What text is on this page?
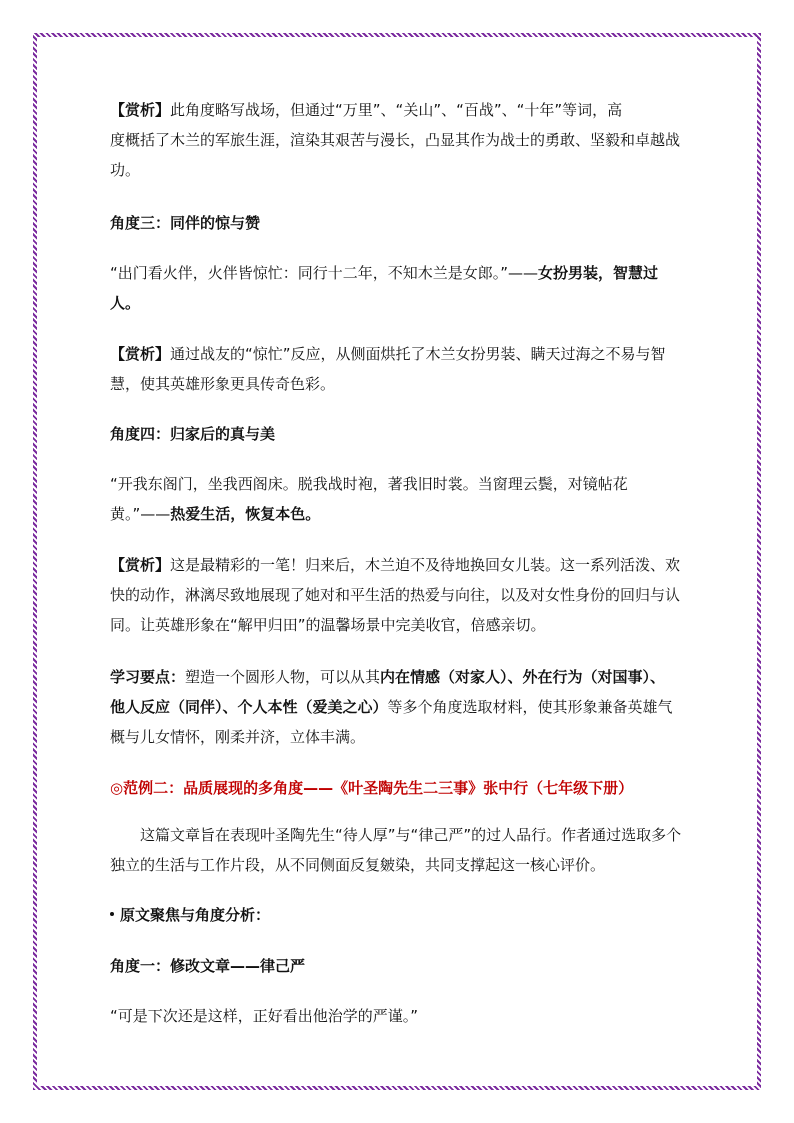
【赏析】此角度略写战场，但通过“万里”、“关山”、“百战”、“十年”等词，高
度概括了木兰的军旅生涯，渲染其艰苦与漫长，凸显其作为战士的勇敢、坚毅和卓越战
功。
角度三：同伴的惊与赞
“出门看火伴，火伴皆惊忙：同行十二年，不知木兰是女郎。”——女扮男装，智慧过
人。
【赏析】通过战友的“惊忙”反应，从侧面烘托了木兰女扮男装、瞒天过海之不易与智
慧，使其英雄形象更具传奇色彩。
角度四：归家后的真与美
“开我东阁门，坐我西阁床。脱我战时袍，著我旧时裳。当窗理云鬓，对镜帖花
黄。”——热爱生活，恢复本色。
【赏析】这是最精彩的一笔！归来后，木兰迫不及待地换回女儿装。这一系列活泼、欢
快的动作，淋漓尽致地展现了她对和平生活的热爱与向往，以及对女性身份的回归与认
同。让英雄形象在“解甲归田”的温馨场景中完美收官，倍感亲切。
学习要点：塑造一个圆形人物，可以从其内在情感（对家人）、外在行为（对国事）、
他人反应（同伴）、个人本性（爱美之心）等多个角度选取材料，使其形象兼备英雄气
概与儿女情怀，刚柔并济，立体丰满。
◎范例二：品质展现的多角度——《叶圣陶先生二三事》张中行（七年级下册）
这篇文章旨在表现叶圣陶先生“待人厚”与“律己严”的过人品行。作者通过选取多个
独立的生活与工作片段，从不同侧面反复皴染，共同支撑起这一核心评价。
原文聚焦与角度分析：
角度一：修改文章——律己严
“可是下次还是这样，正好看出他治学的严谨。”
